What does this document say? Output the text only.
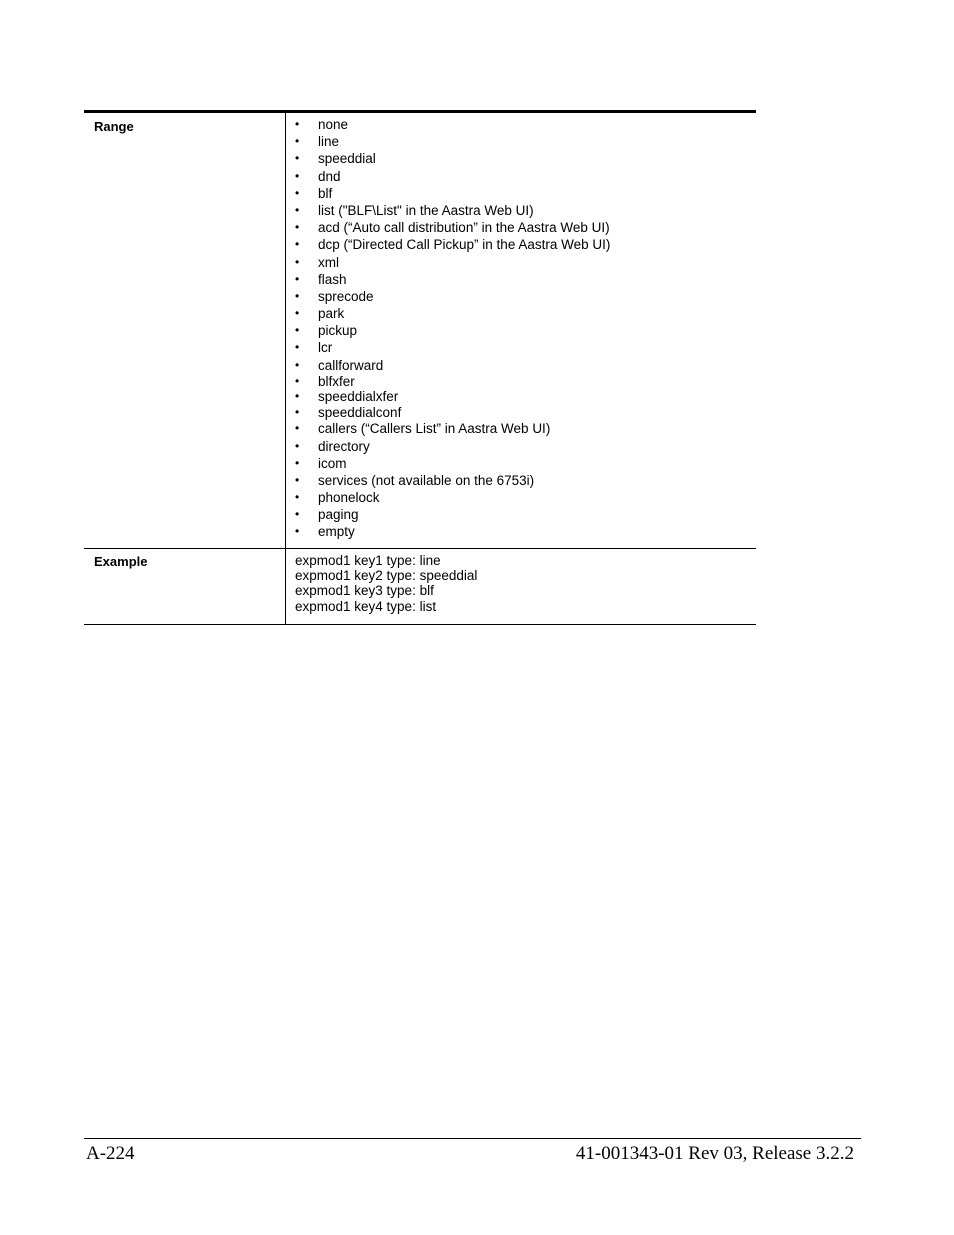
Range	•	none
•	line
•	speeddial
•	dnd
•	blf
•	list ("BLF\List" in the Aastra Web UI)
•	acd (“Auto call distribution” in the Aastra Web UI)
•	dcp (“Directed Call Pickup” in the Aastra Web UI)
•	xml
•	flash
•	sprecode
•	park
•	pickup
•	lcr
•	callforward
•	blfxfer
•	speeddialxfer
•	speeddialconf
•	callers (“Callers List” in Aastra Web UI)
•	directory
•	icom
•	services (not available on the 6753i)
•	phonelock
•	paging
•	empty
Example	expmod1 key1 type: line
expmod1 key2 type: speeddial
expmod1 key3 type: blf
expmod1 key4 type: list
A-224	41-001343-01 Rev 03, Release 3.2.2
